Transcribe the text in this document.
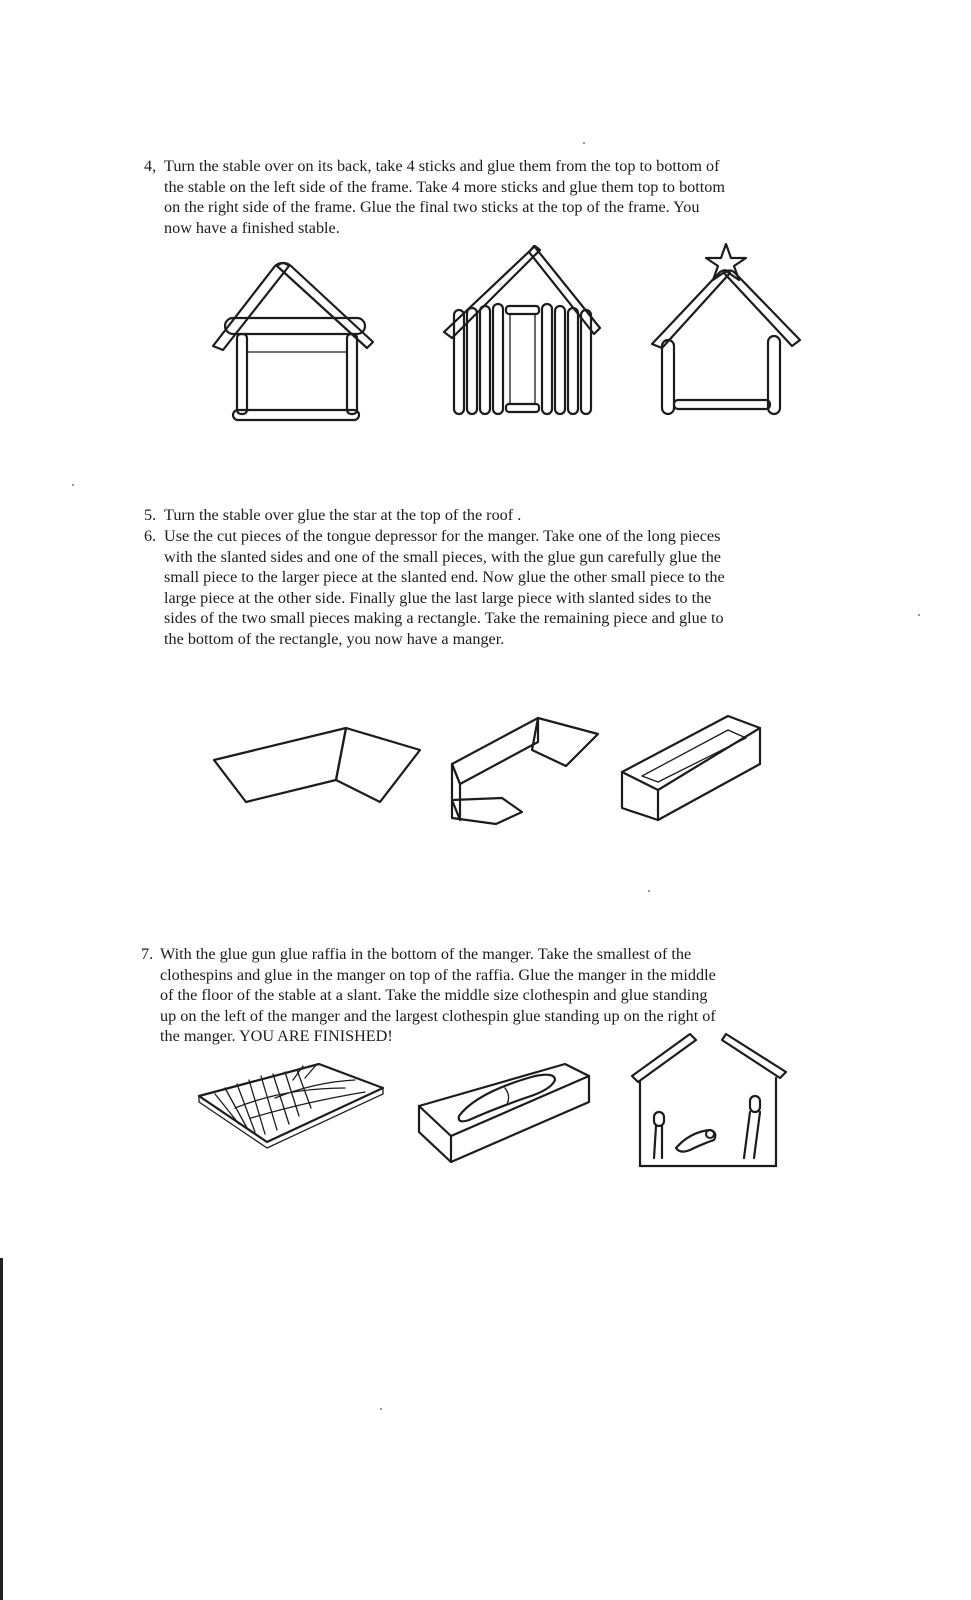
4, Turn the stable over on its back, take 4 sticks and glue them from the top to bottom of
the stable on the left side of the frame. Take 4 more sticks and glue them top to bottom
on the right side of the frame. Glue the final two sticks at the top of the frame. You
now have a finished stable.
5. Turn the stable over glue the star at the top of the roof .
6. Use the cut pieces of the tongue depressor for the manger. Take one of the long pieces
with the slanted sides and one of the small pieces, with the glue gun carefully glue the
small piece to the larger piece at the slanted end. Now glue the other small piece to the
large piece at the other side. Finally glue the last large piece with slanted sides to the
sides of the two small pieces making a rectangle. Take the remaining piece and glue to
the bottom of the rectangle, you now have a manger.
7. With the glue gun glue raffia in the bottom of the manger. Take the smallest of the
clothespins and glue in the manger on top of the raffia. Glue the manger in the middle
of the floor of the stable at a slant. Take the middle size clothespin and glue standing
up on the left of the manger and the largest clothespin glue standing up on the right of
the manger. YOU ARE FINISHED!
